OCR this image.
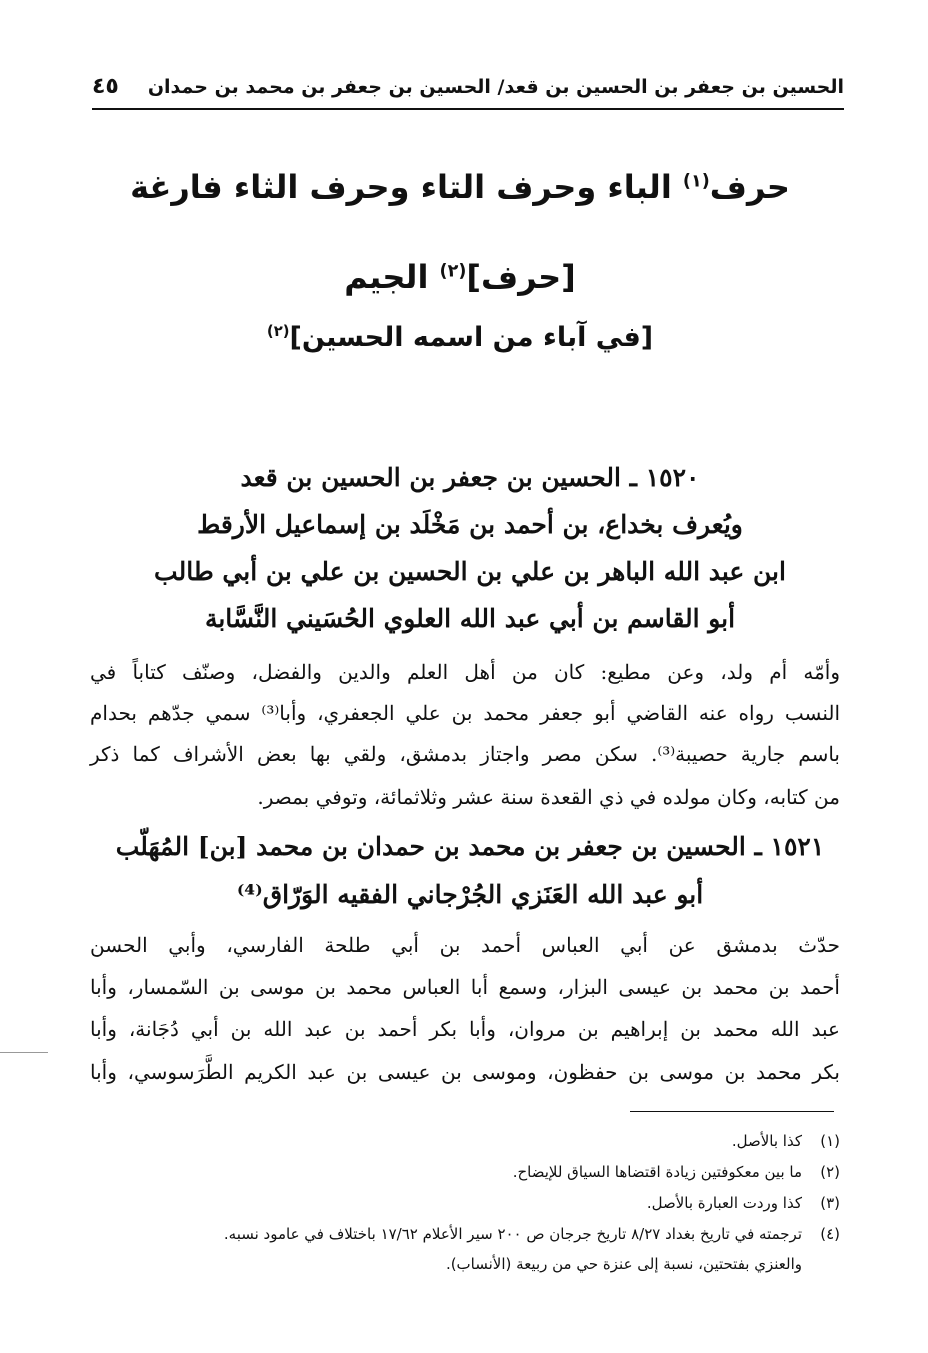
الحسين بن جعفر بن الحسين بن قعد/ الحسين بن جعفر بن محمد بن حمدان
٤٥
حرف$^{(١)}$ الباء وحرف التاء وحرف الثاء فارغة
[حرف]$^{(٢)}$ الجيم
[في آباء من اسمه الحسين]$^{(٢)}$
١٥٢٠ ـ الحسين بن جعفر بن الحسين بن قعد
ويُعرف بخداع، بن أحمد بن مَخْلَد بن إسماعيل الأرقط
ابن عبد الله الباهر بن علي بن الحسين بن علي بن أبي طالب
أبو القاسم بن أبي عبد الله العلوي الحُسَيني النَّسَّابة
وأمّه أم ولد، وعن مطيع: كان من أهل العلم والدين والفضل، وصنّف كتاباً في
النسب رواه عنه القاضي أبو جعفر محمد بن علي الجعفري، وأبا⁽³⁾ سمي جدّهم بحدام
باسم جارية حصيبة⁽³⁾. سكن مصر واجتاز بدمشق، ولقي بها بعض الأشراف كما ذكر
من كتابه، وكان مولده في ذي القعدة سنة عشر وثلاثمائة، وتوفي بمصر.
١٥٢١ ـ الحسين بن جعفر بن محمد بن حمدان بن محمد [بن] المُهَلّب
أبو عبد الله العَنَزي الجُرْجاني الفقيه الوَرّاق⁽⁴⁾
حدّث بدمشق عن أبي العباس أحمد بن أبي طلحة الفارسي، وأبي الحسن
أحمد بن محمد بن عيسى البزار، وسمع أبا العباس محمد بن موسى بن السّمسار، وأبا
عبد الله محمد بن إبراهيم بن مروان، وأبا بكر أحمد بن عبد الله بن أبي دُجَانة، وأبا
بكر محمد بن موسى بن حفظون، وموسى بن عيسى بن عبد الكريم الطَّرَسوسي، وأبا
(١)كذا بالأصل.
(٢)ما بين معكوفتين زيادة اقتضاها السياق للإيضاح.
(٣)كذا وردت العبارة بالأصل.
(٤)ترجمته في تاريخ بغداد ٨/٢٧ تاريخ جرجان ص ٢٠٠ سير الأعلام ١٧/٦٢ باختلاف في عامود نسبه.
والعنزي بفتحتين، نسبة إلى عنزة حي من ربيعة (الأنساب).
